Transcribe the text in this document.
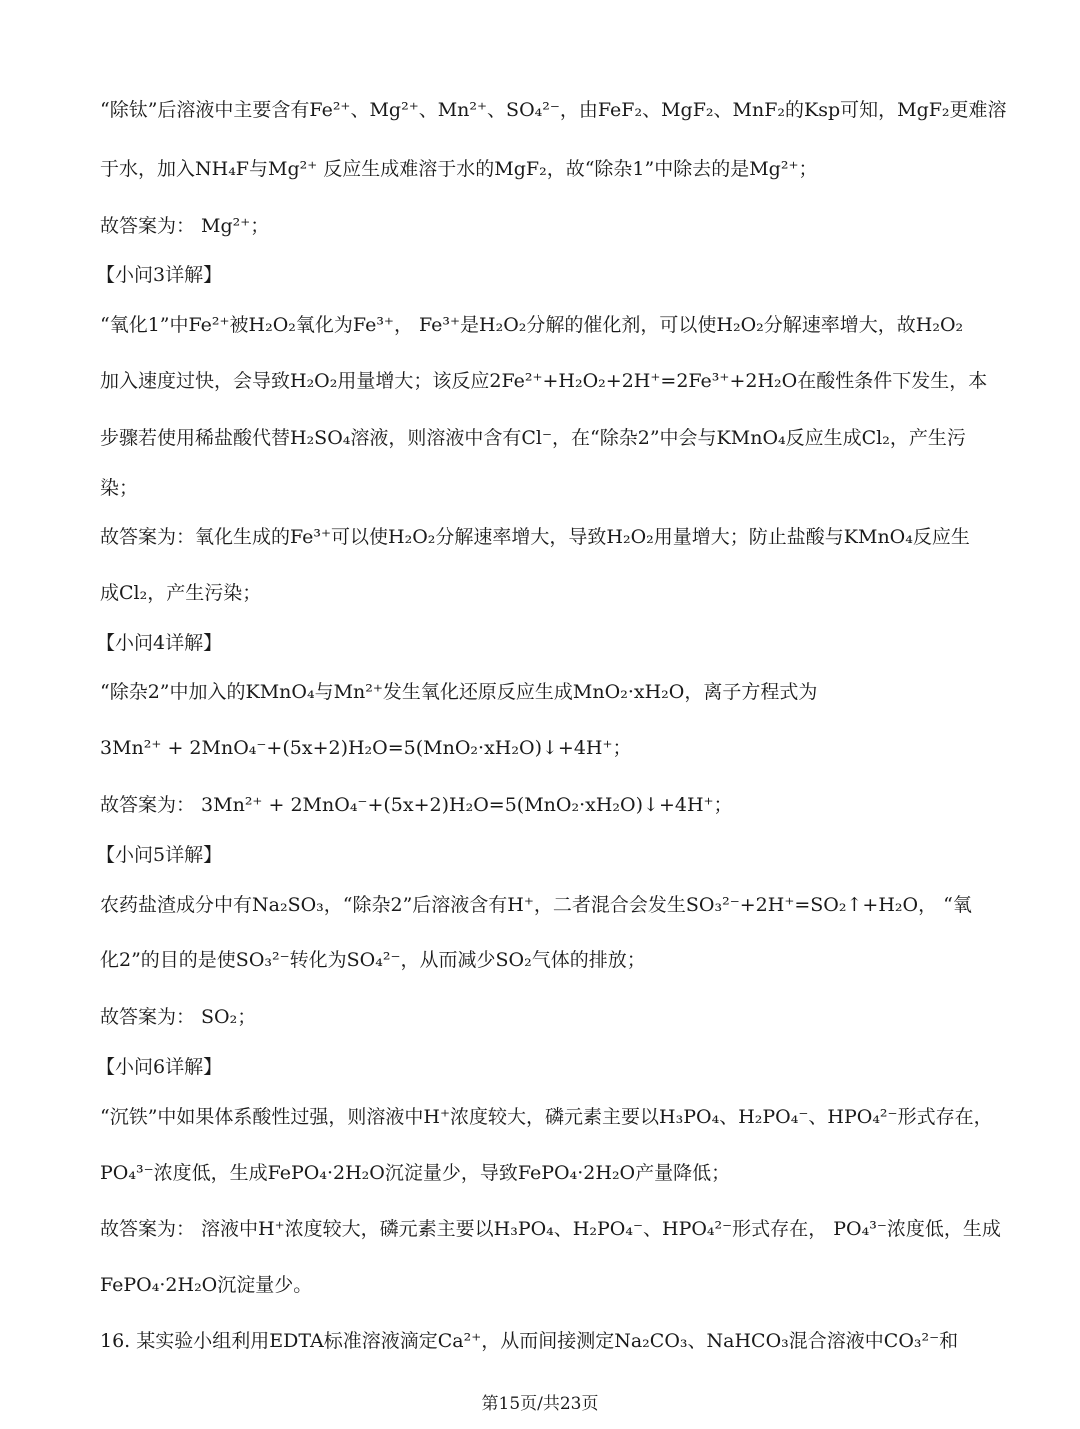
“除钛”后溶液中主要含有Fe²⁺、Mg²⁺、Mn²⁺、SO₄²⁻，由FeF₂、MgF₂、MnF₂的Ksp可知，MgF₂更难溶
于水，加入NH₄F与Mg²⁺ 反应生成难溶于水的MgF₂，故“除杂1”中除去的是Mg²⁺；
故答案为： Mg²⁺；
【小问3详解】
“氧化1”中Fe²⁺被H₂O₂氧化为Fe³⁺， Fe³⁺是H₂O₂分解的催化剂，可以使H₂O₂分解速率增大，故H₂O₂
加入速度过快，会导致H₂O₂用量增大；该反应2Fe²⁺+H₂O₂+2H⁺=2Fe³⁺+2H₂O在酸性条件下发生，本
步骤若使用稀盐酸代替H₂SO₄溶液，则溶液中含有Cl⁻，在“除杂2”中会与KMnO₄反应生成Cl₂，产生污
染；
故答案为：氧化生成的Fe³⁺可以使H₂O₂分解速率增大，导致H₂O₂用量增大；防止盐酸与KMnO₄反应生
成Cl₂，产生污染；
【小问4详解】
“除杂2”中加入的KMnO₄与Mn²⁺发生氧化还原反应生成MnO₂·xH₂O，离子方程式为
3Mn²⁺ + 2MnO₄⁻+(5x+2)H₂O=5(MnO₂·xH₂O)↓+4H⁺；
故答案为： 3Mn²⁺ + 2MnO₄⁻+(5x+2)H₂O=5(MnO₂·xH₂O)↓+4H⁺；
【小问5详解】
农药盐渣成分中有Na₂SO₃，“除杂2”后溶液含有H⁺，二者混合会发生SO₃²⁻+2H⁺=SO₂↑+H₂O， “氧
化2”的目的是使SO₃²⁻转化为SO₄²⁻，从而减少SO₂气体的排放；
故答案为： SO₂；
【小问6详解】
“沉铁”中如果体系酸性过强，则溶液中H⁺浓度较大，磷元素主要以H₃PO₄、H₂PO₄⁻、HPO₄²⁻形式存在，
PO₄³⁻浓度低，生成FePO₄·2H₂O沉淀量少，导致FePO₄·2H₂O产量降低；
故答案为： 溶液中H⁺浓度较大，磷元素主要以H₃PO₄、H₂PO₄⁻、HPO₄²⁻形式存在， PO₄³⁻浓度低，生成
FePO₄·2H₂O沉淀量少。
16. 某实验小组利用EDTA标准溶液滴定Ca²⁺，从而间接测定Na₂CO₃、NaHCO₃混合溶液中CO₃²⁻和
第15页/共23页
